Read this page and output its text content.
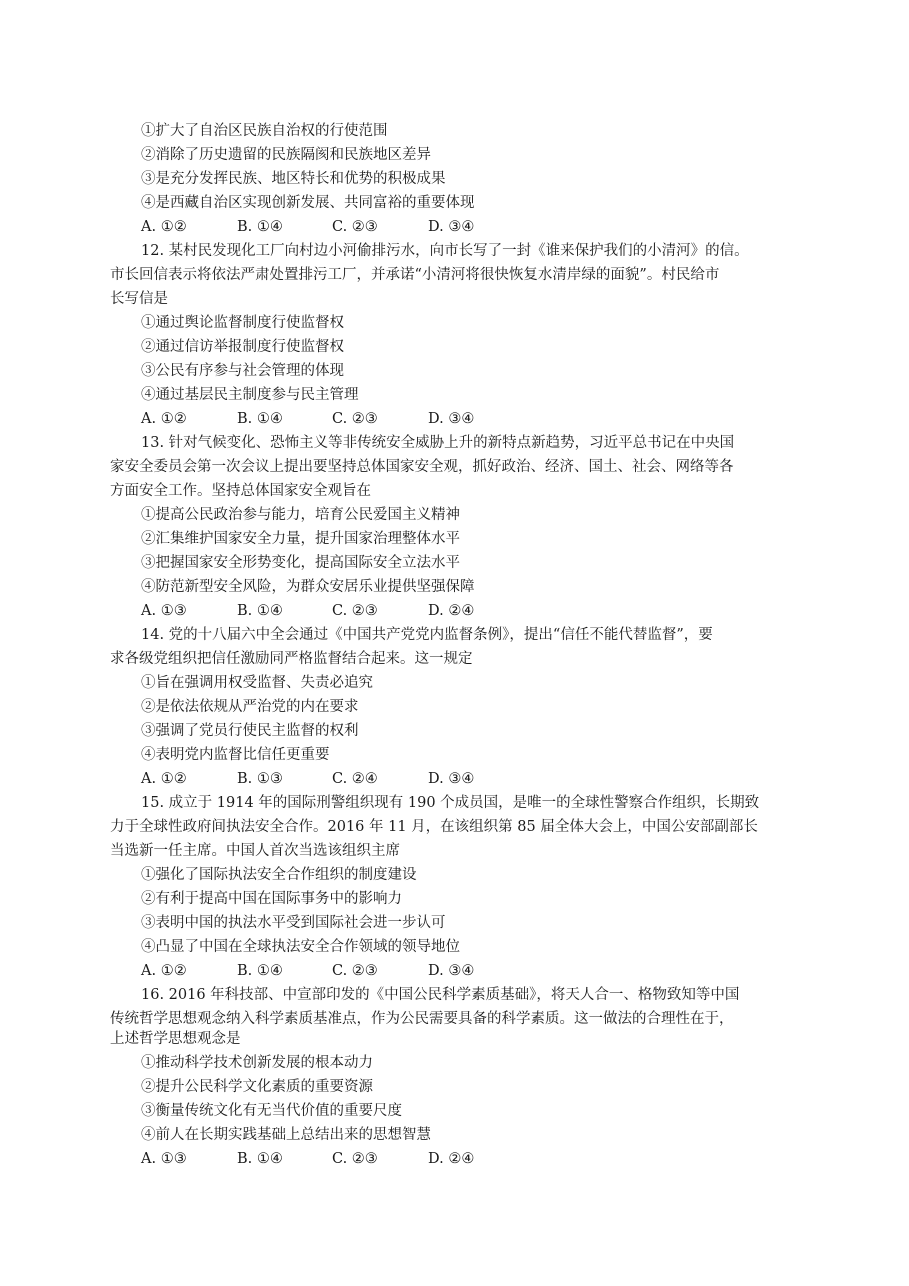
①扩大了自治区民族自治权的行使范围
②消除了历史遗留的民族隔阂和民族地区差异
③是充分发挥民族、地区特长和优势的积极成果
④是西藏自治区实现创新发展、共同富裕的重要体现
A. ①②	B. ①④	C. ②③	D. ③④
12. 某村民发现化工厂向村边小河偷排污水，向市长写了一封《谁来保护我们的小清河》的信。
市长回信表示将依法严肃处置排污工厂，并承诺“小清河将很快恢复水清岸绿的面貌”。村民给市
长写信是
①通过舆论监督制度行使监督权
②通过信访举报制度行使监督权
③公民有序参与社会管理的体现
④通过基层民主制度参与民主管理
A. ①②	B. ①④	C. ②③	D. ③④
13. 针对气候变化、恐怖主义等非传统安全威胁上升的新特点新趋势，习近平总书记在中央国
家安全委员会第一次会议上提出要坚持总体国家安全观，抓好政治、经济、国土、社会、网络等各
方面安全工作。坚持总体国家安全观旨在
①提高公民政治参与能力，培育公民爱国主义精神
②汇集维护国家安全力量，提升国家治理整体水平
③把握国家安全形势变化，提高国际安全立法水平
④防范新型安全风险，为群众安居乐业提供坚强保障
A. ①③	B. ①④	C. ②③	D. ②④
14. 党的十八届六中全会通过《中国共产党党内监督条例》，提出“信任不能代替监督”，要
求各级党组织把信任激励同严格监督结合起来。这一规定
①旨在强调用权受监督、失责必追究
②是依法依规从严治党的内在要求
③强调了党员行使民主监督的权利
④表明党内监督比信任更重要
A. ①②	B. ①③	C. ②④	D. ③④
15. 成立于 1914 年的国际刑警组织现有 190 个成员国，是唯一的全球性警察合作组织，长期致
力于全球性政府间执法安全合作。2016 年 11 月，在该组织第 85 届全体大会上，中国公安部副部长
当选新一任主席。中国人首次当选该组织主席
①强化了国际执法安全合作组织的制度建设
②有利于提高中国在国际事务中的影响力
③表明中国的执法水平受到国际社会进一步认可
④凸显了中国在全球执法安全合作领域的领导地位
A. ①②	B. ①④	C. ②③	D. ③④
16. 2016 年科技部、中宣部印发的《中国公民科学素质基础》，将天人合一、格物致知等中国
传统哲学思想观念纳入科学素质基准点，作为公民需要具备的科学素质。这一做法的合理性在于，
上述哲学思想观念是
①推动科学技术创新发展的根本动力
②提升公民科学文化素质的重要资源
③衡量传统文化有无当代价值的重要尺度
④前人在长期实践基础上总结出来的思想智慧
A. ①③	B. ①④	C. ②③	D. ②④
